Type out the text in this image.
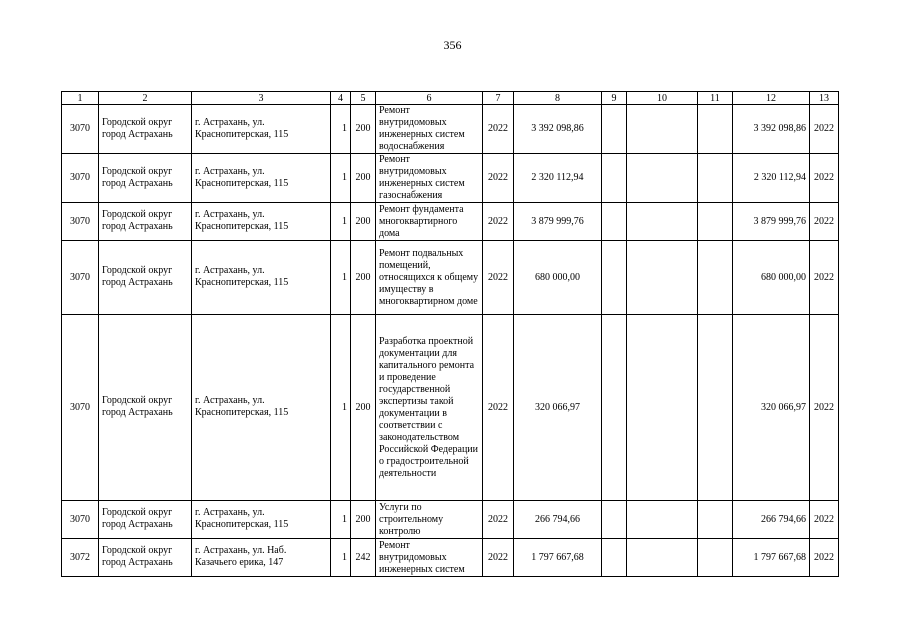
356
1	2	3	4	5	6	7	8	9	10	11	12	13
3070	Городской округ город Астрахань	г. Астрахань, ул. Краснопитерская, 115	1	200	Ремонт внутридомовых инженерных систем водоснабжения	2022	3 392 098,86				3 392 098,86	2022
3070	Городской округ город Астрахань	г. Астрахань, ул. Краснопитерская, 115	1	200	Ремонт внутридомовых инженерных систем газоснабжения	2022	2 320 112,94				2 320 112,94	2022
3070	Городской округ город Астрахань	г. Астрахань, ул. Краснопитерская, 115	1	200	Ремонт фундамента многоквартирного дома	2022	3 879 999,76				3 879 999,76	2022
3070	Городской округ город Астрахань	г. Астрахань, ул. Краснопитерская, 115	1	200	Ремонт подвальных помещений, относящихся к общему имуществу в многоквартирном доме	2022	680 000,00				680 000,00	2022
3070	Городской округ город Астрахань	г. Астрахань, ул. Краснопитерская, 115	1	200	Разработка проектной документации для капитального ремонта и проведение государственной экспертизы такой документации в соответствии с законодательством Российской Федерации о градостроительной деятельности	2022	320 066,97				320 066,97	2022
3070	Городской округ город Астрахань	г. Астрахань, ул. Краснопитерская, 115	1	200	Услуги по строительному контролю	2022	266 794,66				266 794,66	2022
3072	Городской округ город Астрахань	г. Астрахань, ул. Наб. Казачьего ерика, 147	1	242	Ремонт внутридомовых инженерных систем	2022	1 797 667,68				1 797 667,68	2022
